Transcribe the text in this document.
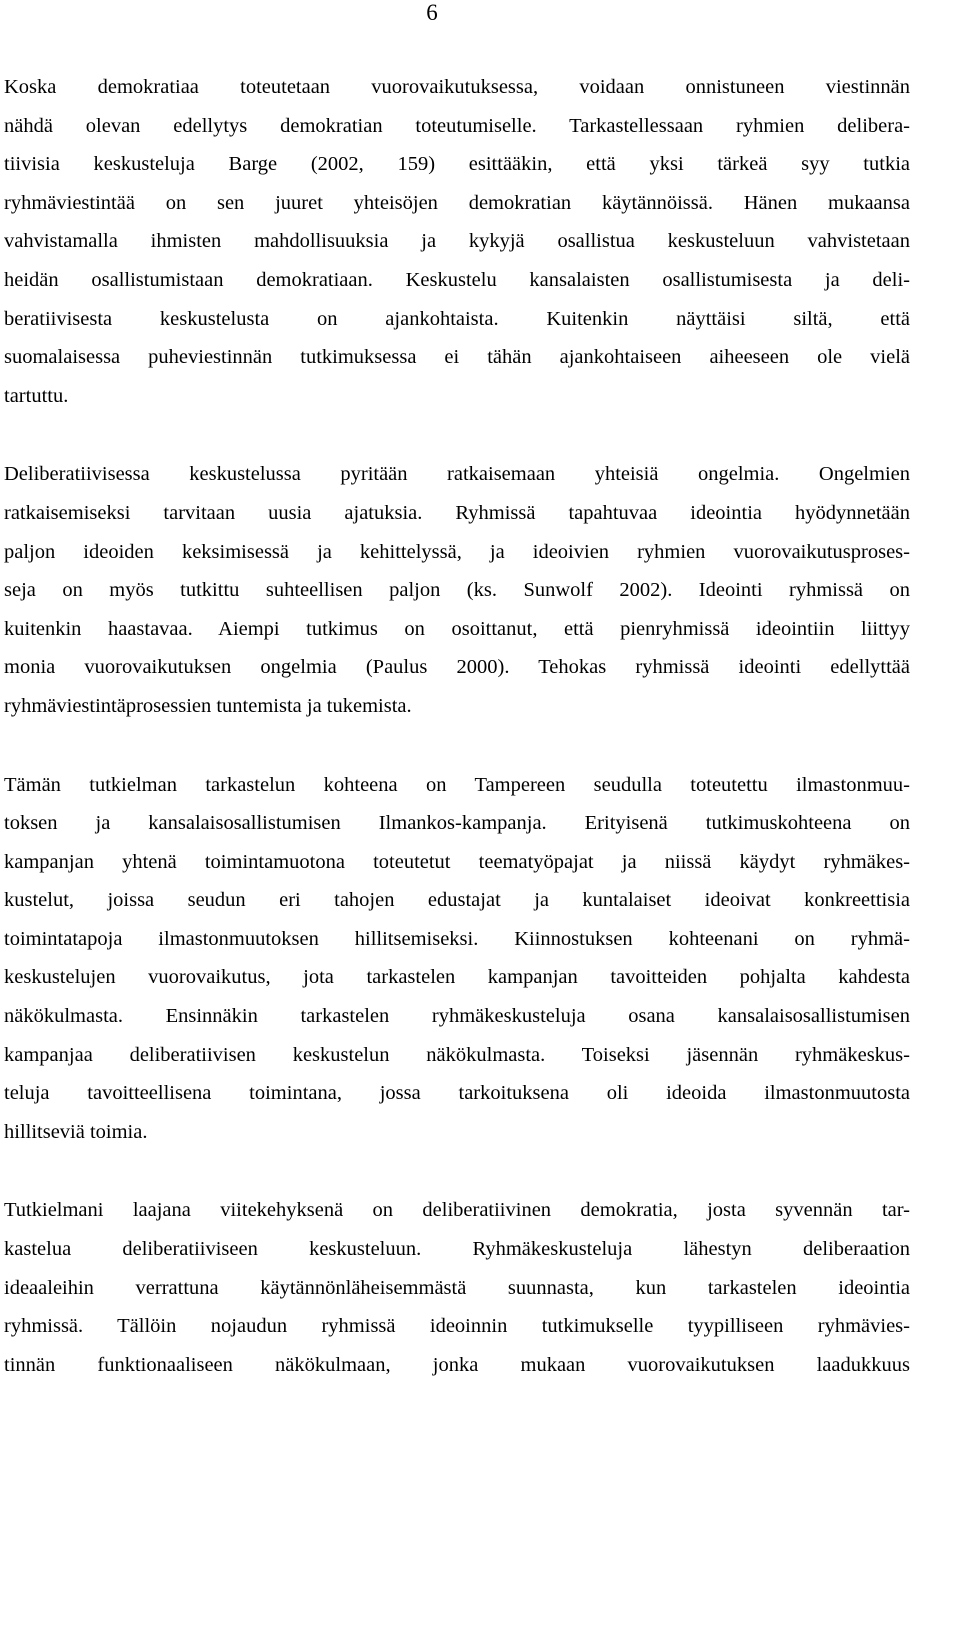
6

Koska demokratiaa toteutetaan vuorovaikutuksessa, voidaan onnistuneen viestinnän
nähdä olevan edellytys demokratian toteutumiselle. Tarkastellessaan ryhmien delibera-
tiivisia keskusteluja Barge (2002, 159) esittääkin, että yksi tärkeä syy tutkia
ryhmäviestintää on sen juuret yhteisöjen demokratian käytännöissä. Hänen mukaansa
vahvistamalla ihmisten mahdollisuuksia ja kykyjä osallistua keskusteluun vahvistetaan
heidän osallistumistaan demokratiaan. Keskustelu kansalaisten osallistumisesta ja deli-
beratiivisesta keskustelusta on ajankohtaista. Kuitenkin näyttäisi siltä, että
suomalaisessa puheviestinnän tutkimuksessa ei tähän ajankohtaiseen aiheeseen ole vielä
tartuttu.

Deliberatiivisessa keskustelussa pyritään ratkaisemaan yhteisiä ongelmia. Ongelmien
ratkaisemiseksi tarvitaan uusia ajatuksia. Ryhmissä tapahtuvaa ideointia hyödynnetään
paljon ideoiden keksimisessä ja kehittelyssä, ja ideoivien ryhmien vuorovaikutusproses-
seja on myös tutkittu suhteellisen paljon (ks. Sunwolf 2002). Ideointi ryhmissä on
kuitenkin haastavaa. Aiempi tutkimus on osoittanut, että pienryhmissä ideointiin liittyy
monia vuorovaikutuksen ongelmia (Paulus 2000). Tehokas ryhmissä ideointi edellyttää
ryhmäviestintäprosessien tuntemista ja tukemista.

Tämän tutkielman tarkastelun kohteena on Tampereen seudulla toteutettu ilmastonmuu-
toksen ja kansalaisosallistumisen Ilmankos-kampanja. Erityisenä tutkimuskohteena on
kampanjan yhtenä toimintamuotona toteutetut teematyöpajat ja niissä käydyt ryhmäkes-
kustelut, joissa seudun eri tahojen edustajat ja kuntalaiset ideoivat konkreettisia
toimintatapoja ilmastonmuutoksen hillitsemiseksi. Kiinnostuksen kohteenani on ryhmä-
keskustelujen vuorovaikutus, jota tarkastelen kampanjan tavoitteiden pohjalta kahdesta
näkökulmasta. Ensinnäkin tarkastelen ryhmäkeskusteluja osana kansalaisosallistumisen
kampanjaa deliberatiivisen keskustelun näkökulmasta. Toiseksi jäsennän ryhmäkeskus-
teluja tavoitteellisena toimintana, jossa tarkoituksena oli ideoida ilmastonmuutosta
hillitseviä toimia.

Tutkielmani laajana viitekehyksenä on deliberatiivinen demokratia, josta syvennän tar-
kastelua deliberatiiviseen keskusteluun. Ryhmäkeskusteluja lähestyn deliberaation
ideaaleihin verrattuna käytännönläheisemmästä suunnasta, kun tarkastelen ideointia
ryhmissä. Tällöin nojaudun ryhmissä ideoinnin tutkimukselle tyypilliseen ryhmävies-
tinnän funktionaaliseen näkökulmaan, jonka mukaan vuorovaikutuksen laadukkuus
